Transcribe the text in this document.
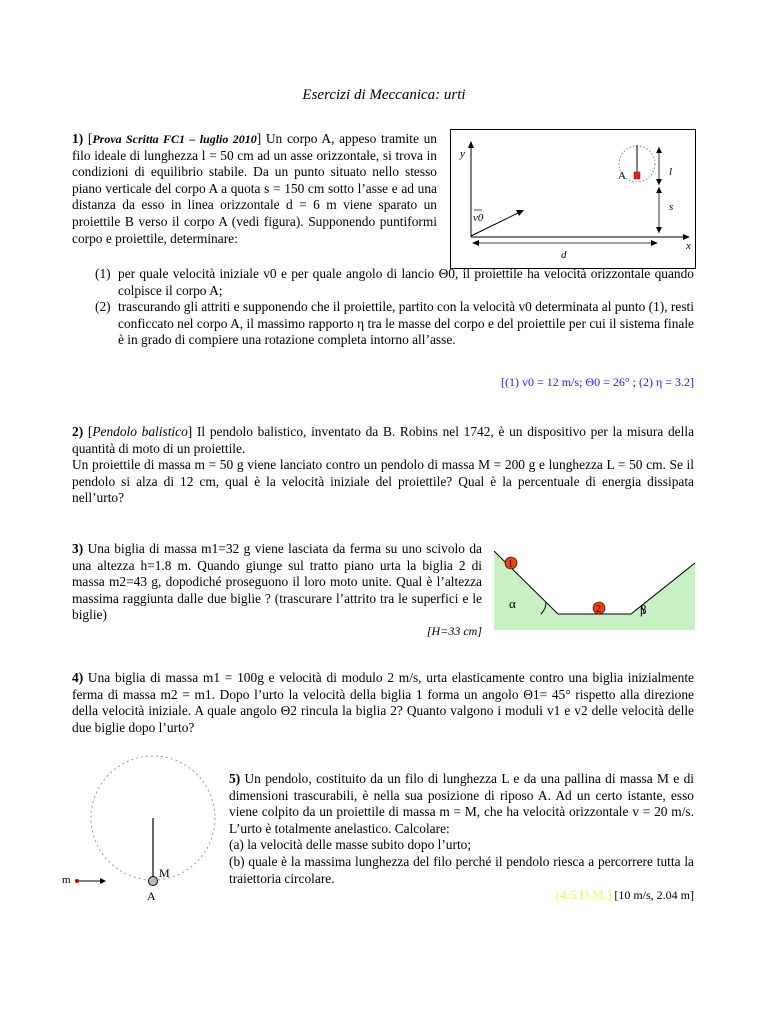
Esercizi di Meccanica: urti
1) [Prova Scritta FC1 – luglio 2010] Un corpo A, appeso tramite un filo ideale di lunghezza l = 50 cm ad un asse orizzontale, si trova in condizioni di equilibrio stabile. Da un punto situato nello stesso piano verticale del corpo A a quota s = 150 cm sotto l’asse e ad una distanza da esso in linea orizzontale d = 6 m viene sparato un proiettile B verso il corpo A (vedi figura). Supponendo puntiformi corpo e proiettile, determinare:
y
x
A	l
s
v0
d
(1) per quale velocità iniziale v0 e per quale angolo di lancio Θ0, il proiettile ha velocità orizzontale quando colpisce il corpo A;
(2) trascurando gli attriti e supponendo che il proiettile, partito con la velocità v0 determinata al punto (1), resti conficcato nel corpo A, il massimo rapporto η tra le masse del corpo e del proiettile per cui il sistema finale è in grado di compiere una rotazione completa intorno all’asse.
[(1) v0 = 12 m/s; Θ0 = 26° ; (2) η = 3.2]
2) [Pendolo balistico] Il pendolo balistico, inventato da B. Robins nel 1742, è un dispositivo per la misura della quantità di moto di un proiettile.
Un proiettile di massa m = 50 g viene lanciato contro un pendolo di massa M = 200 g e lunghezza L = 50 cm. Se il pendolo si alza di 12 cm, qual è la velocità iniziale del proiettile? Qual è la percentuale di energia dissipata nell’urto?
3) Una biglia di massa m1=32 g viene lasciata da ferma su uno scivolo da una altezza h=1.8 m. Quando giunge sul tratto piano urta la biglia 2 di massa m2=43 g, dopodiché proseguono il loro moto unite. Qual è l’altezza massima raggiunta dalle due biglie ? (trascurare l’attrito tra le superfici e le biglie)
[H=33 cm]
α	β
1
2
4) Una biglia di massa m1 = 100g e velocità di modulo 2 m/s, urta elasticamente contro una biglia inizialmente ferma di massa m2 = m1. Dopo l’urto la velocità della biglia 1 forma un angolo Θ1= 45° rispetto alla direzione della velocità iniziale. A quale angolo Θ2 rincula la biglia 2? Quanto valgono i moduli v1 e v2 delle velocità delle due biglie dopo l’urto?
M
A
m
5) Un pendolo, costituito da un filo di lunghezza L e da una pallina di massa M e di dimensioni trascurabili, è nella sua posizione di riposo A. Ad un certo istante, esso viene colpito da un proiettile di massa m = M, che ha velocità orizzontale v = 20 m/s. L’urto è totalmente anelastico. Calcolare:
(a) la velocità delle masse subito dopo l’urto;
(b) quale è la massima lunghezza del filo perché il pendolo riesca a percorrere tutta la traiettoria circolare.
[4.5 D.M.] [10 m/s, 2.04 m]
